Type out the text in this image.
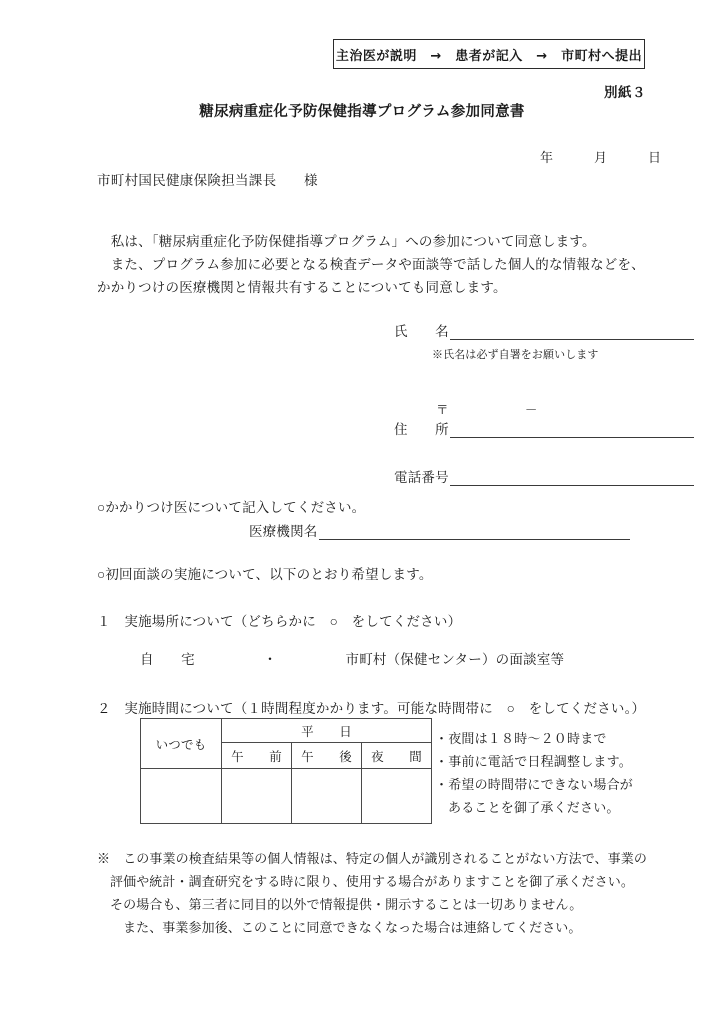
主治医が説明　→　患者が記入　→　市町村へ提出
別紙３
糖尿病重症化予防保健指導プログラム参加同意書
年　　　月　　　日
市町村国民健康保険担当課長　　様

　私は、「糖尿病重症化予防保健指導プログラム」への参加について同意します。

　また、プログラム参加に必要となる検査データや面談等で話した個人的な情報などを、

かかりつけの医療機関と情報共有することについても同意します。

氏　　名
※氏名は必ず自署をお願いします
〒　　　　　　－
住　　所
電話番号
○かかりつけ医について記入してください。
医療機関名
○初回面談の実施について、以下のとおり希望します。
１　実施場所について（どちらかに　○　をしてください）
自　　宅　　　　　・　　　　　市町村（保健センター）の面談室等
２　実施時間について（１時間程度かかります。可能な時間帯に　○　をしてください。）
いつでも	平　　日		
	午　　前	午　　後	夜　　間

・夜間は１８時～２０時まで
・事前に電話で日程調整します。
・希望の時間帯にできない場合が
あることを御了承ください。
※　この事業の検査結果等の個人情報は、特定の個人が識別されることがない方法で、事業の
評価や統計・調査研究をする時に限り、使用する場合がありますことを御了承ください。
その場合も、第三者に同目的以外で情報提供・開示することは一切ありません。
また、事業参加後、このことに同意できなくなった場合は連絡してください。
